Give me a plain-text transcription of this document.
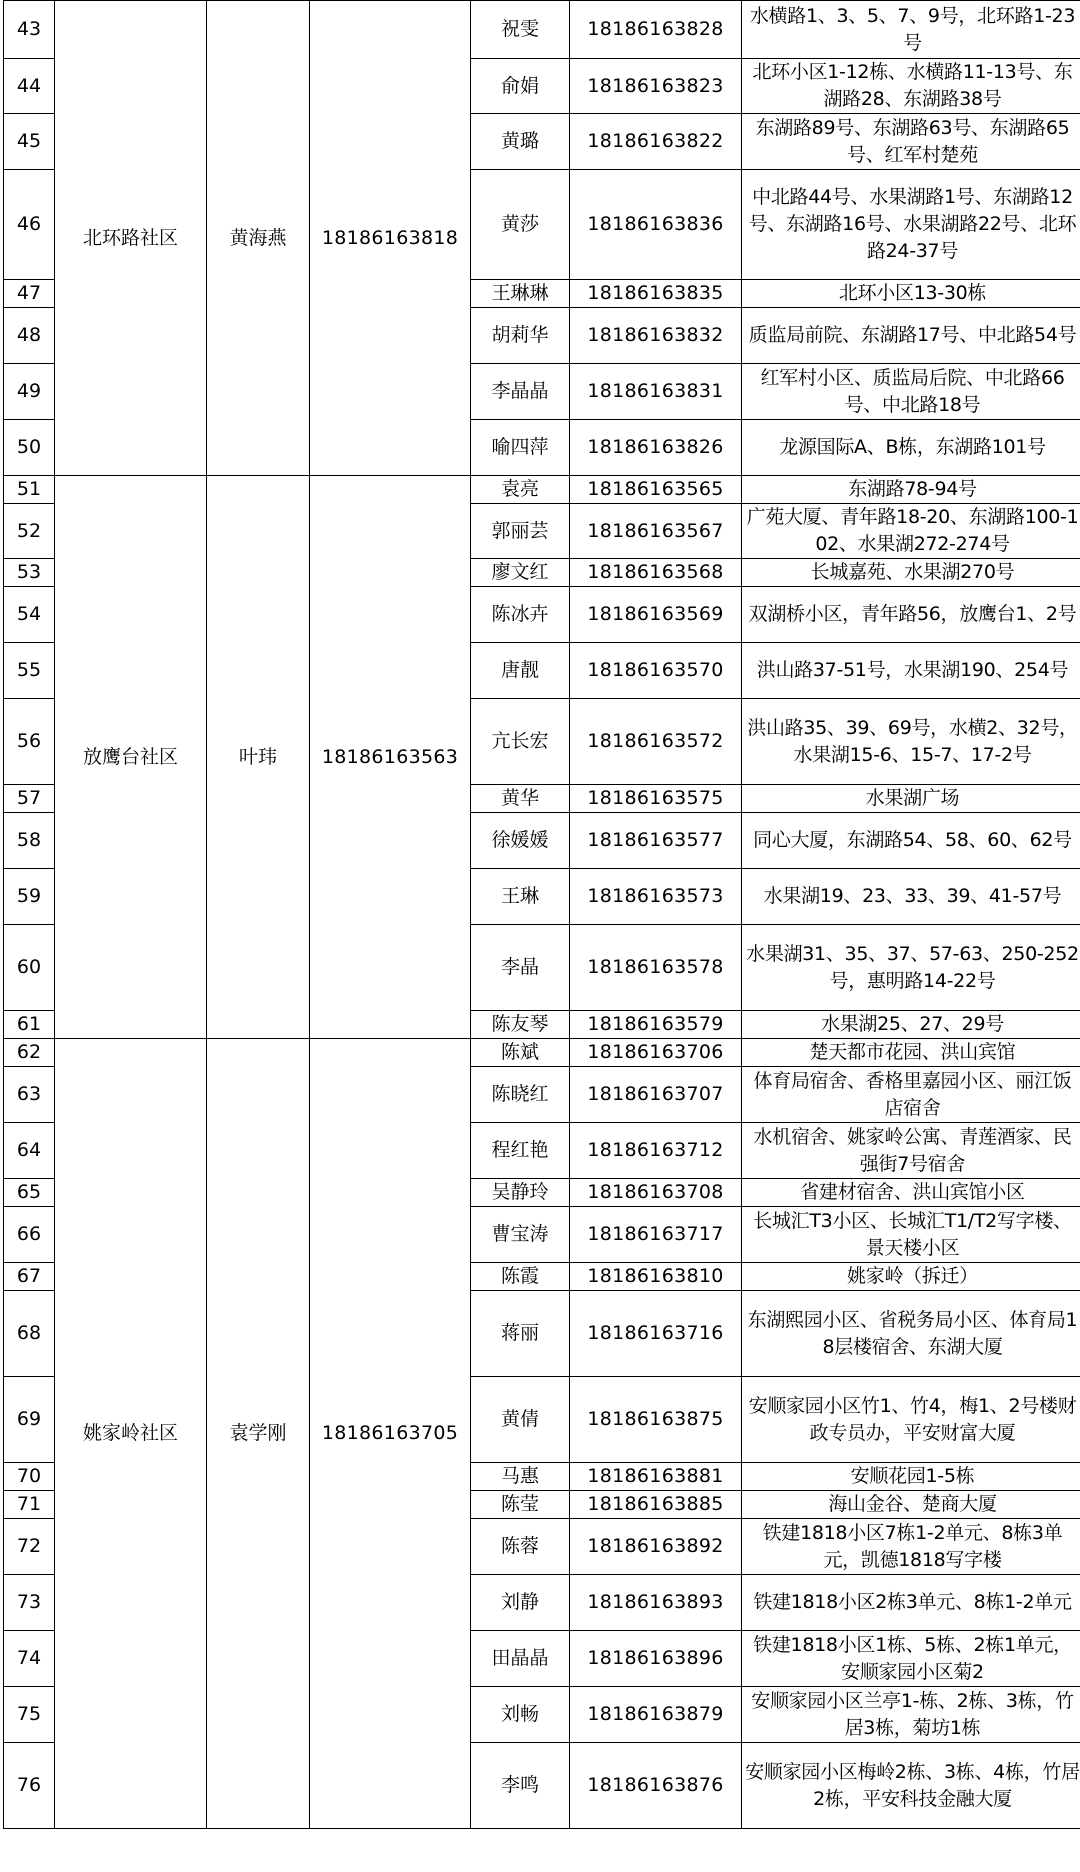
43	北环路社区	黄海燕	18186163818	祝雯	18186163828	水横路1、3、5、7、9号，北环路1-23号
44				俞娟	18186163823	北环小区1-12栋、水横路11-13号、东湖路28、东湖路38号
45				黄璐	18186163822	东湖路89号、东湖路63号、东湖路65号、红军村楚苑
46				黄莎	18186163836	中北路44号、水果湖路1号、东湖路12号、东湖路16号、水果湖路22号、北环路24-37号
47				王琳琳	18186163835	北环小区13-30栋
48				胡莉华	18186163832	质监局前院、东湖路17号、中北路54号
49				李晶晶	18186163831	红军村小区、质监局后院、中北路66号、中北路18号
50				喻四萍	18186163826	龙源国际A、B栋，东湖路101号
51	放鹰台社区	叶玮	18186163563	袁亮	18186163565	东湖路78-94号
52				郭丽芸	18186163567	广苑大厦、青年路18-20、东湖路100-102、水果湖272-274号
53				廖文红	18186163568	长城嘉苑、水果湖270号
54				陈冰卉	18186163569	双湖桥小区，青年路56，放鹰台1、2号
55				唐靓	18186163570	洪山路37-51号，水果湖190、254号
56				亢长宏	18186163572	洪山路35、39、69号，水横2、32号，水果湖15-6、15-7、17-2号
57				黄华	18186163575	水果湖广场
58				徐媛媛	18186163577	同心大厦，东湖路54、58、60、62号
59				王琳	18186163573	水果湖19、23、33、39、41-57号
60				李晶	18186163578	水果湖31、35、37、57-63、250-252号，惠明路14-22号
61				陈友琴	18186163579	水果湖25、27、29号
62	姚家岭社区	袁学刚	18186163705	陈斌	18186163706	楚天都市花园、洪山宾馆
63				陈晓红	18186163707	体育局宿舍、香格里嘉园小区、丽江饭店宿舍
64				程红艳	18186163712	水机宿舍、姚家岭公寓、青莲酒家、民强街7号宿舍
65				吴静玲	18186163708	省建材宿舍、洪山宾馆小区
66				曹宝涛	18186163717	长城汇T3小区、长城汇T1/T2写字楼、景天楼小区
67				陈霞	18186163810	姚家岭（拆迁）
68				蒋丽	18186163716	东湖熙园小区、省税务局小区、体育局18层楼宿舍、东湖大厦
69				黄倩	18186163875	安顺家园小区竹1、竹4，梅1、2号楼财政专员办，平安财富大厦
70				马惠	18186163881	安顺花园1-5栋
71				陈莹	18186163885	海山金谷、楚商大厦
72				陈蓉	18186163892	铁建1818小区7栋1-2单元、8栋3单元，凯德1818写字楼
73				刘静	18186163893	铁建1818小区2栋3单元、8栋1-2单元
74				田晶晶	18186163896	铁建1818小区1栋、5栋、2栋1单元，安顺家园小区菊2
75				刘畅	18186163879	安顺家园小区兰亭1-栋、2栋、3栋，竹居3栋，菊坊1栋
76				李鸣	18186163876	安顺家园小区梅岭2栋、3栋、4栋，竹居2栋，平安科技金融大厦
